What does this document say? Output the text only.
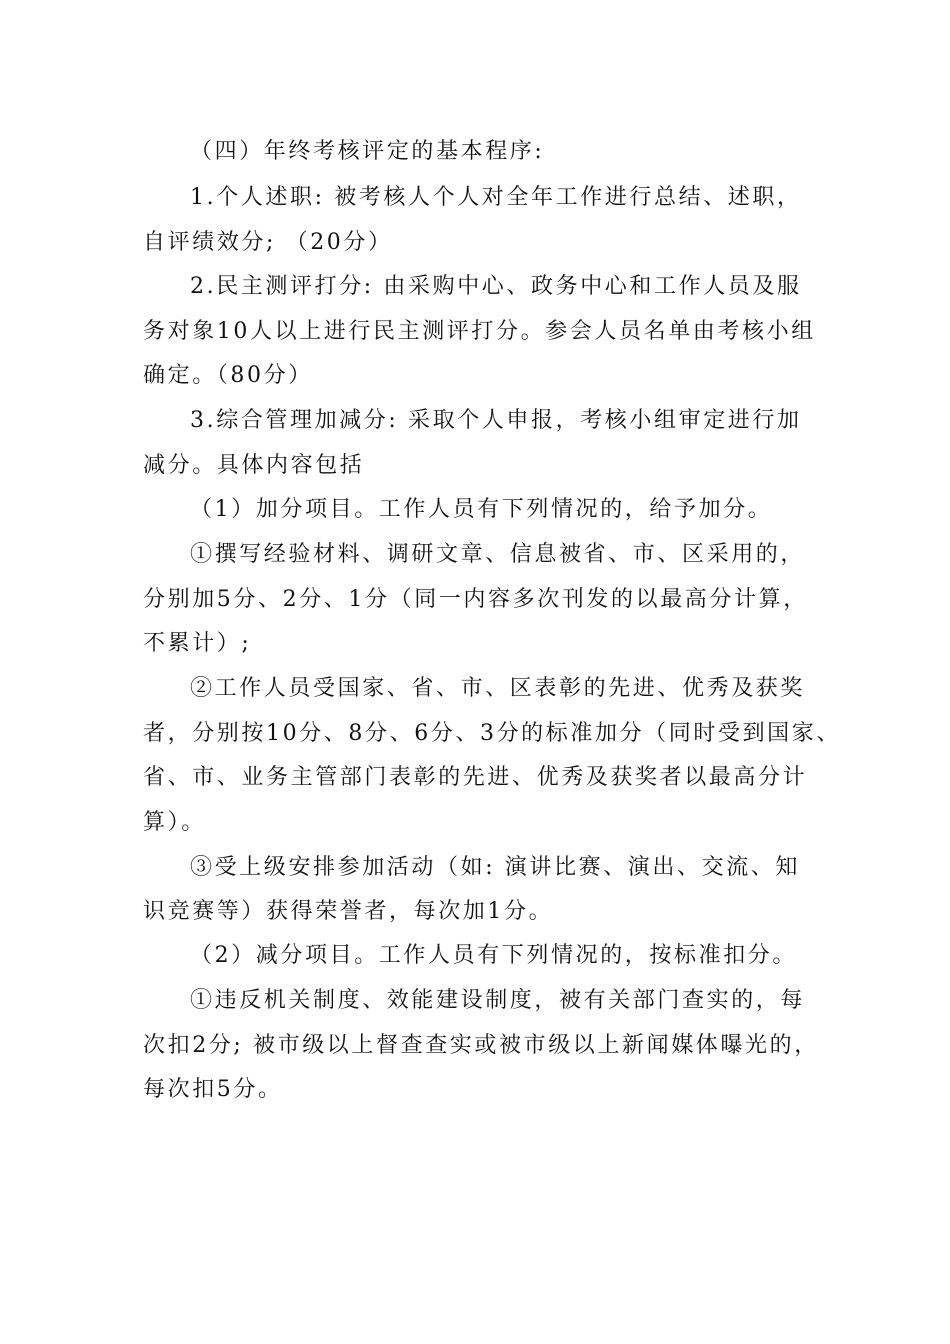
（四）年终考核评定的基本程序:
1.个人述职: 被考核人个人对全年工作进行总结、述职，
自评绩效分; （20分）
2.民主测评打分: 由采购中心、政务中心和工作人员及服
务对象10人以上进行民主测评打分。参会人员名单由考核小组
确定。（80分）
3.综合管理加减分: 采取个人申报，考核小组审定进行加
减分。具体内容包括
（1）加分项目。工作人员有下列情况的，给予加分。
①撰写经验材料、调研文章、信息被省、市、区采用的，
分别加5分、2分、1分（同一内容多次刊发的以最高分计算，
不累计）;
②工作人员受国家、省、市、区表彰的先进、优秀及获奖
者，分别按10分、8分、6分、3分的标准加分（同时受到国家、
省、市、业务主管部门表彰的先进、优秀及获奖者以最高分计
算）。
③受上级安排参加活动（如: 演讲比赛、演出、交流、知
识竞赛等）获得荣誉者，每次加1分。
（2）减分项目。工作人员有下列情况的，按标准扣分。
①违反机关制度、效能建设制度，被有关部门查实的，每
次扣2分; 被市级以上督查查实或被市级以上新闻媒体曝光的，
每次扣5分。
